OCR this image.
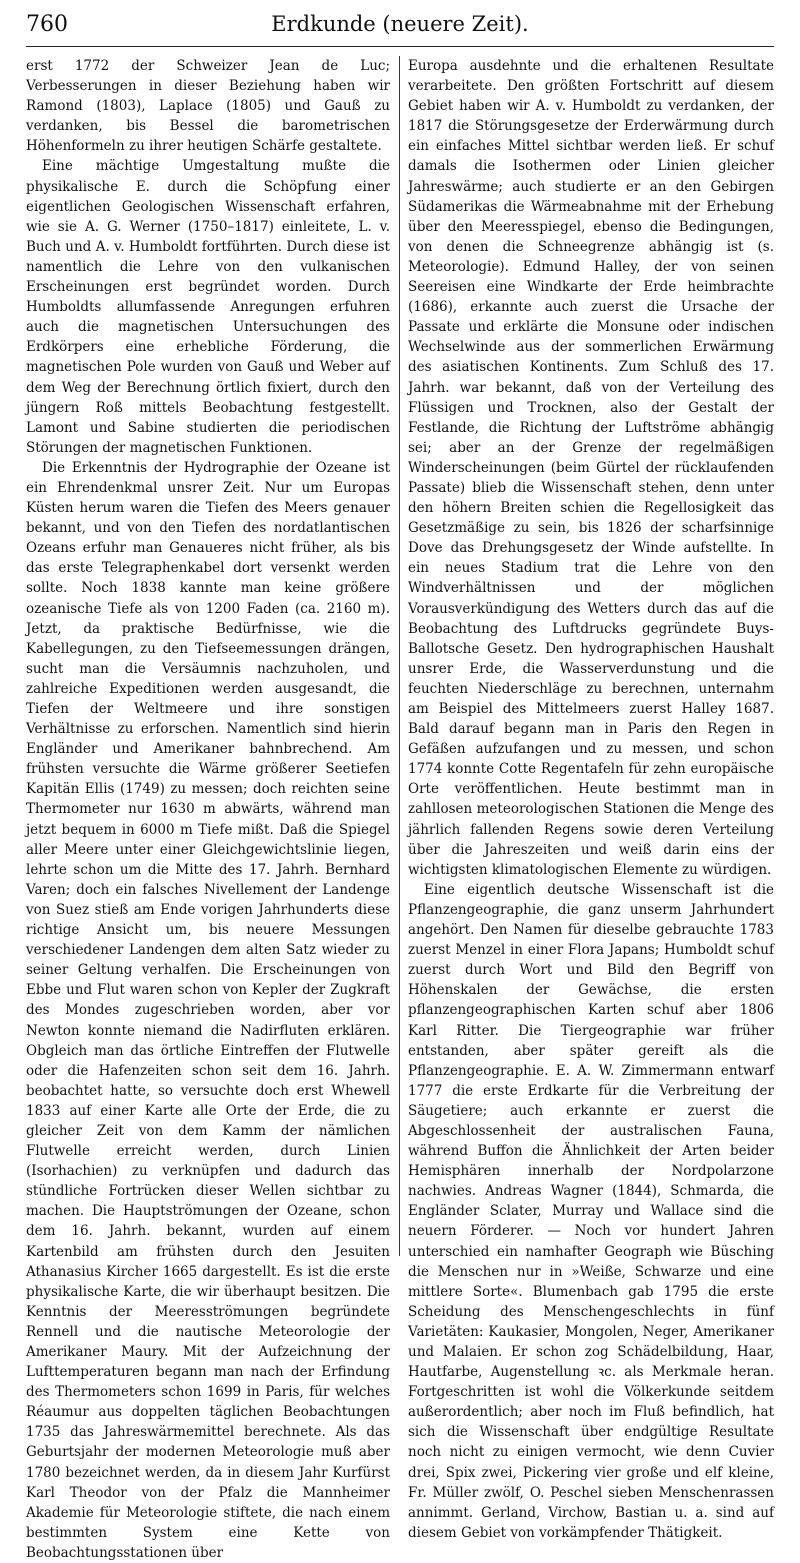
760	Erdkunde (neuere Zeit).

erst 1772 der Schweizer Jean de Luc; Verbesserungen in dieser Beziehung haben wir Ramond (1803), Laplace (1805) und Gauß zu verdanken, bis Bessel die barometrischen Höhenformeln zu ihrer heutigen Schärfe gestaltete.

Eine mächtige Umgestaltung mußte die physikalische E. durch die Schöpfung einer eigentlichen Geologischen Wissenschaft erfahren, wie sie A. G. Werner (1750–1817) einleitete, L. v. Buch und A. v. Humboldt fortführten. Durch diese ist namentlich die Lehre von den vulkanischen Erscheinungen erst begründet worden. Durch Humboldts allumfassende Anregungen erfuhren auch die magnetischen Untersuchungen des Erdkörpers eine erhebliche Förderung, die magnetischen Pole wurden von Gauß und Weber auf dem Weg der Berechnung örtlich fixiert, durch den jüngern Roß mittels Beobachtung festgestellt. Lamont und Sabine studierten die periodischen Störungen der magnetischen Funktionen.

Die Erkenntnis der Hydrographie der Ozeane ist ein Ehrendenkmal unsrer Zeit. Nur um Europas Küsten herum waren die Tiefen des Meers genauer bekannt, und von den Tiefen des nordatlantischen Ozeans erfuhr man Genaueres nicht früher, als bis das erste Telegraphenkabel dort versenkt werden sollte. Noch 1838 kannte man keine größere ozeanische Tiefe als von 1200 Faden (ca. 2160 m). Jetzt, da praktische Bedürfnisse, wie die Kabellegungen, zu den Tiefseemessungen drängen, sucht man die Versäumnis nachzuholen, und zahlreiche Expeditionen werden ausgesandt, die Tiefen der Weltmeere und ihre sonstigen Verhältnisse zu erforschen. Namentlich sind hierin Engländer und Amerikaner bahnbrechend. Am frühsten versuchte die Wärme größerer Seetiefen Kapitän Ellis (1749) zu messen; doch reichten seine Thermometer nur 1630 m abwärts, während man jetzt bequem in 6000 m Tiefe mißt. Daß die Spiegel aller Meere unter einer Gleichgewichtslinie liegen, lehrte schon um die Mitte des 17. Jahrh. Bernhard Varen; doch ein falsches Nivellement der Landenge von Suez stieß am Ende vorigen Jahrhunderts diese richtige Ansicht um, bis neuere Messungen verschiedener Landengen dem alten Satz wieder zu seiner Geltung verhalfen. Die Erscheinungen von Ebbe und Flut waren schon von Kepler der Zugkraft des Mondes zugeschrieben worden, aber vor Newton konnte niemand die Nadirfluten erklären. Obgleich man das örtliche Eintreffen der Flutwelle oder die Hafenzeiten schon seit dem 16. Jahrh. beobachtet hatte, so versuchte doch erst Whewell 1833 auf einer Karte alle Orte der Erde, die zu gleicher Zeit von dem Kamm der nämlichen Flutwelle erreicht werden, durch Linien (Isorhachien) zu verknüpfen und dadurch das stündliche Fortrücken dieser Wellen sichtbar zu machen. Die Hauptströmungen der Ozeane, schon dem 16. Jahrh. bekannt, wurden auf einem Kartenbild am frühsten durch den Jesuiten Athanasius Kircher 1665 dargestellt. Es ist die erste physikalische Karte, die wir überhaupt besitzen. Die Kenntnis der Meeresströmungen begründete Rennell und die nautische Meteorologie der Amerikaner Maury. Mit der Aufzeichnung der Lufttemperaturen begann man nach der Erfindung des Thermometers schon 1699 in Paris, für welches Réaumur aus doppelten täglichen Beobachtungen 1735 das Jahreswärmemittel berechnete. Als das Geburtsjahr der modernen Meteorologie muß aber 1780 bezeichnet werden, da in diesem Jahr Kurfürst Karl Theodor von der Pfalz die Mannheimer Akademie für Meteorologie stiftete, die nach einem bestimmten System eine Kette von Beobachtungsstationen über

Europa ausdehnte und die erhaltenen Resultate verarbeitete. Den größten Fortschritt auf diesem Gebiet haben wir A. v. Humboldt zu verdanken, der 1817 die Störungsgesetze der Erderwärmung durch ein einfaches Mittel sichtbar werden ließ. Er schuf damals die Isothermen oder Linien gleicher Jahreswärme; auch studierte er an den Gebirgen Südamerikas die Wärmeabnahme mit der Erhebung über den Meeresspiegel, ebenso die Bedingungen, von denen die Schneegrenze abhängig ist (s. Meteorologie). Edmund Halley, der von seinen Seereisen eine Windkarte der Erde heimbrachte (1686), erkannte auch zuerst die Ursache der Passate und erklärte die Monsune oder indischen Wechselwinde aus der sommerlichen Erwärmung des asiatischen Kontinents. Zum Schluß des 17. Jahrh. war bekannt, daß von der Verteilung des Flüssigen und Trocknen, also der Gestalt der Festlande, die Richtung der Luftströme abhängig sei; aber an der Grenze der regelmäßigen Winderscheinungen (beim Gürtel der rücklaufenden Passate) blieb die Wissenschaft stehen, denn unter den höhern Breiten schien die Regellosigkeit das Gesetzmäßige zu sein, bis 1826 der scharfsinnige Dove das Drehungsgesetz der Winde aufstellte. In ein neues Stadium trat die Lehre von den Windverhältnissen und der möglichen Vorausverkündigung des Wetters durch das auf die Beobachtung des Luftdrucks gegründete Buys-Ballotsche Gesetz. Den hydrographischen Haushalt unsrer Erde, die Wasserverdunstung und die feuchten Niederschläge zu berechnen, unternahm am Beispiel des Mittelmeers zuerst Halley 1687. Bald darauf begann man in Paris den Regen in Gefäßen aufzufangen und zu messen, und schon 1774 konnte Cotte Regentafeln für zehn europäische Orte veröffentlichen. Heute bestimmt man in zahllosen meteorologischen Stationen die Menge des jährlich fallenden Regens sowie deren Verteilung über die Jahreszeiten und weiß darin eins der wichtigsten klimatologischen Elemente zu würdigen.

Eine eigentlich deutsche Wissenschaft ist die Pflanzengeographie, die ganz unserm Jahrhundert angehört. Den Namen für dieselbe gebrauchte 1783 zuerst Menzel in einer Flora Japans; Humboldt schuf zuerst durch Wort und Bild den Begriff von Höhenskalen der Gewächse, die ersten pflanzengeographischen Karten schuf aber 1806 Karl Ritter. Die Tiergeographie war früher entstanden, aber später gereift als die Pflanzengeographie. E. A. W. Zimmermann entwarf 1777 die erste Erdkarte für die Verbreitung der Säugetiere; auch erkannte er zuerst die Abgeschlossenheit der australischen Fauna, während Buffon die Ähnlichkeit der Arten beider Hemisphären innerhalb der Nordpolarzone nachwies. Andreas Wagner (1844), Schmarda, die Engländer Sclater, Murray und Wallace sind die neuern Förderer. — Noch vor hundert Jahren unterschied ein namhafter Geograph wie Büsching die Menschen nur in »Weiße, Schwarze und eine mittlere Sorte«. Blumenbach gab 1795 die erste Scheidung des Menschengeschlechts in fünf Varietäten: Kaukasier, Mongolen, Neger, Amerikaner und Malaien. Er schon zog Schädelbildung, Haar, Hautfarbe, Augenstellung ꝛc. als Merkmale heran. Fortgeschritten ist wohl die Völkerkunde seitdem außerordentlich; aber noch im Fluß befindlich, hat sich die Wissenschaft über endgültige Resultate noch nicht zu einigen vermocht, wie denn Cuvier drei, Spix zwei, Pickering vier große und elf kleine, Fr. Müller zwölf, O. Peschel sieben Menschenrassen annimmt. Gerland, Virchow, Bastian u. a. sind auf diesem Gebiet von vorkämpfender Thätigkeit.
